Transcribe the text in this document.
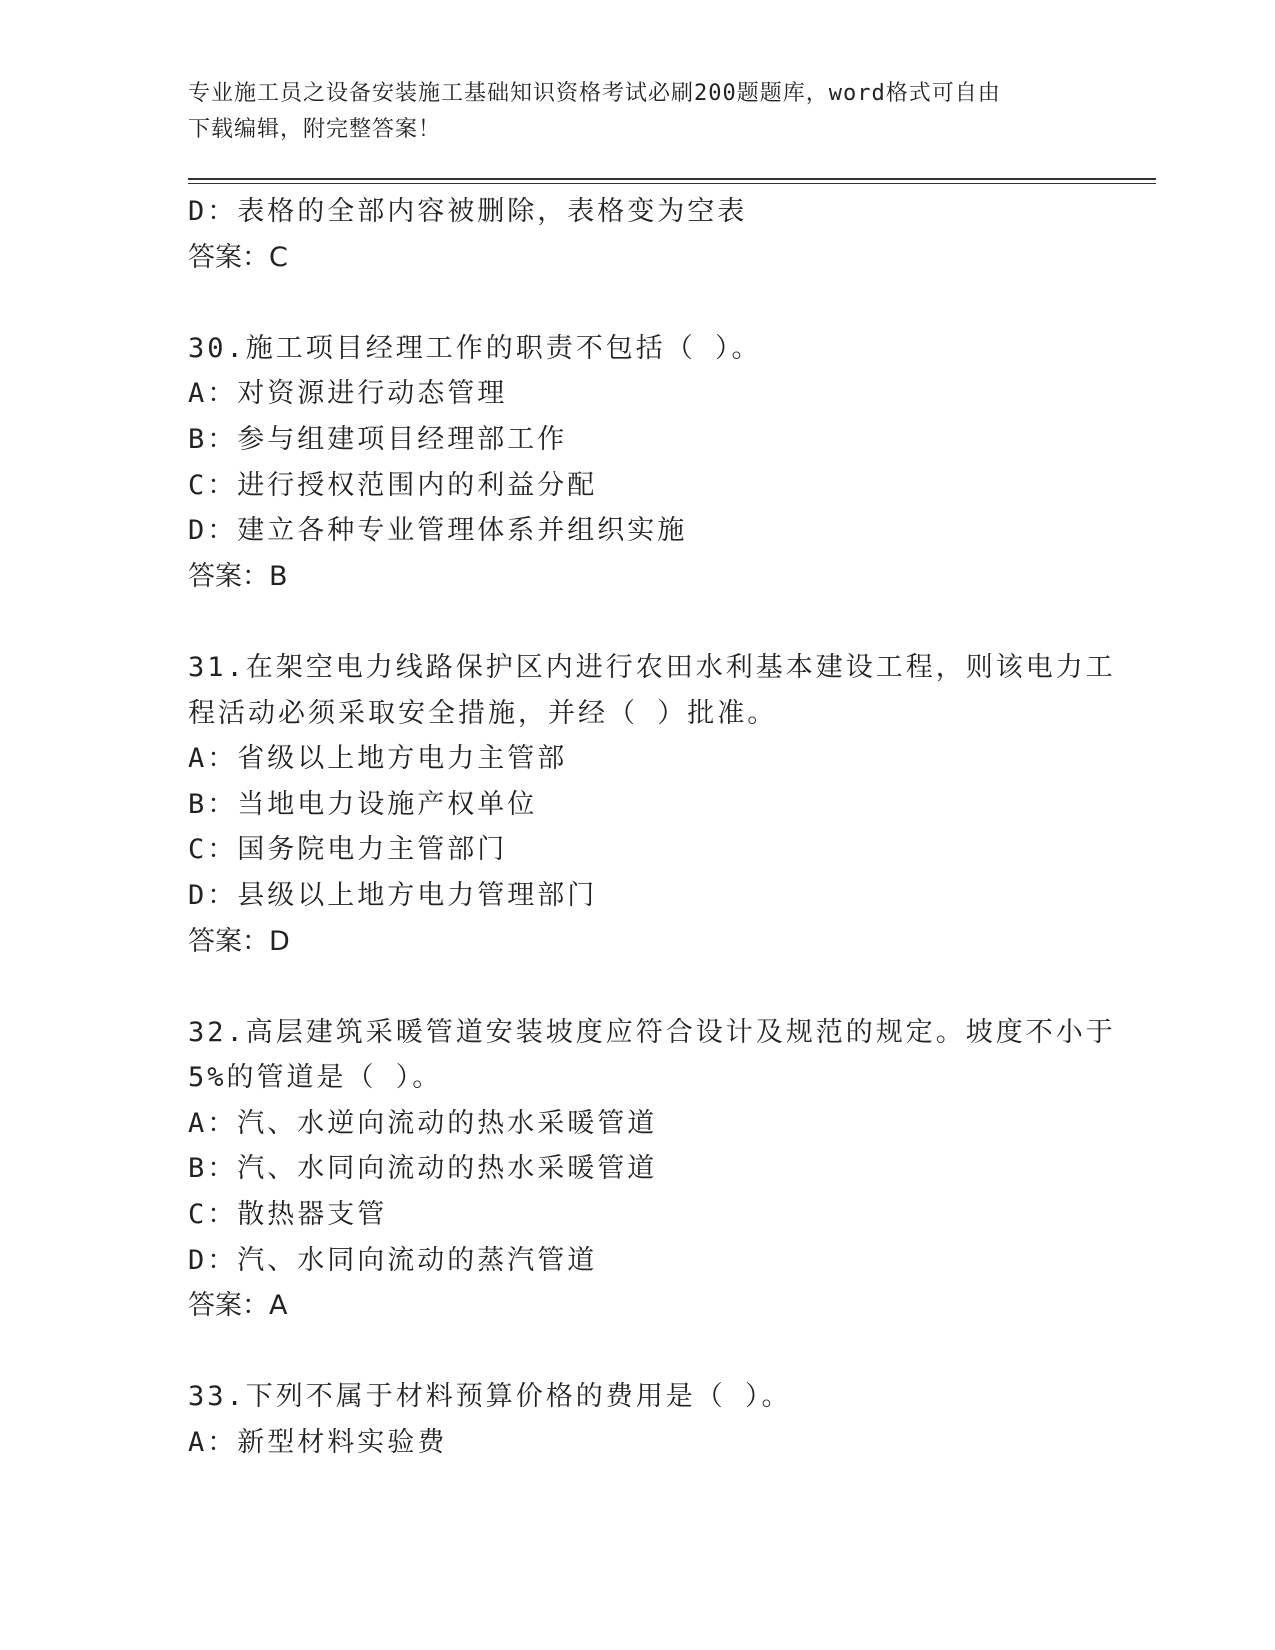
专业施工员之设备安装施工基础知识资格考试必刷200题题库，word格式可自由
下载编辑，附完整答案！

D：表格的全部内容被删除，表格变为空表

答案：C

30.施工项目经理工作的职责不包括（ ）。

A：对资源进行动态管理

B：参与组建项目经理部工作

C：进行授权范围内的利益分配

D：建立各种专业管理体系并组织实施

答案：B

31.在架空电力线路保护区内进行农田水利基本建设工程，则该电力工

程活动必须采取安全措施，并经（ ）批准。

A：省级以上地方电力主管部

B：当地电力设施产权单位

C：国务院电力主管部门

D：县级以上地方电力管理部门

答案：D

32.高层建筑采暖管道安装坡度应符合设计及规范的规定。坡度不小于

5%的管道是（ ）。

A：汽、水逆向流动的热水采暖管道

B：汽、水同向流动的热水采暖管道

C：散热器支管

D：汽、水同向流动的蒸汽管道

答案：A

33.下列不属于材料预算价格的费用是（ ）。

A：新型材料实验费
